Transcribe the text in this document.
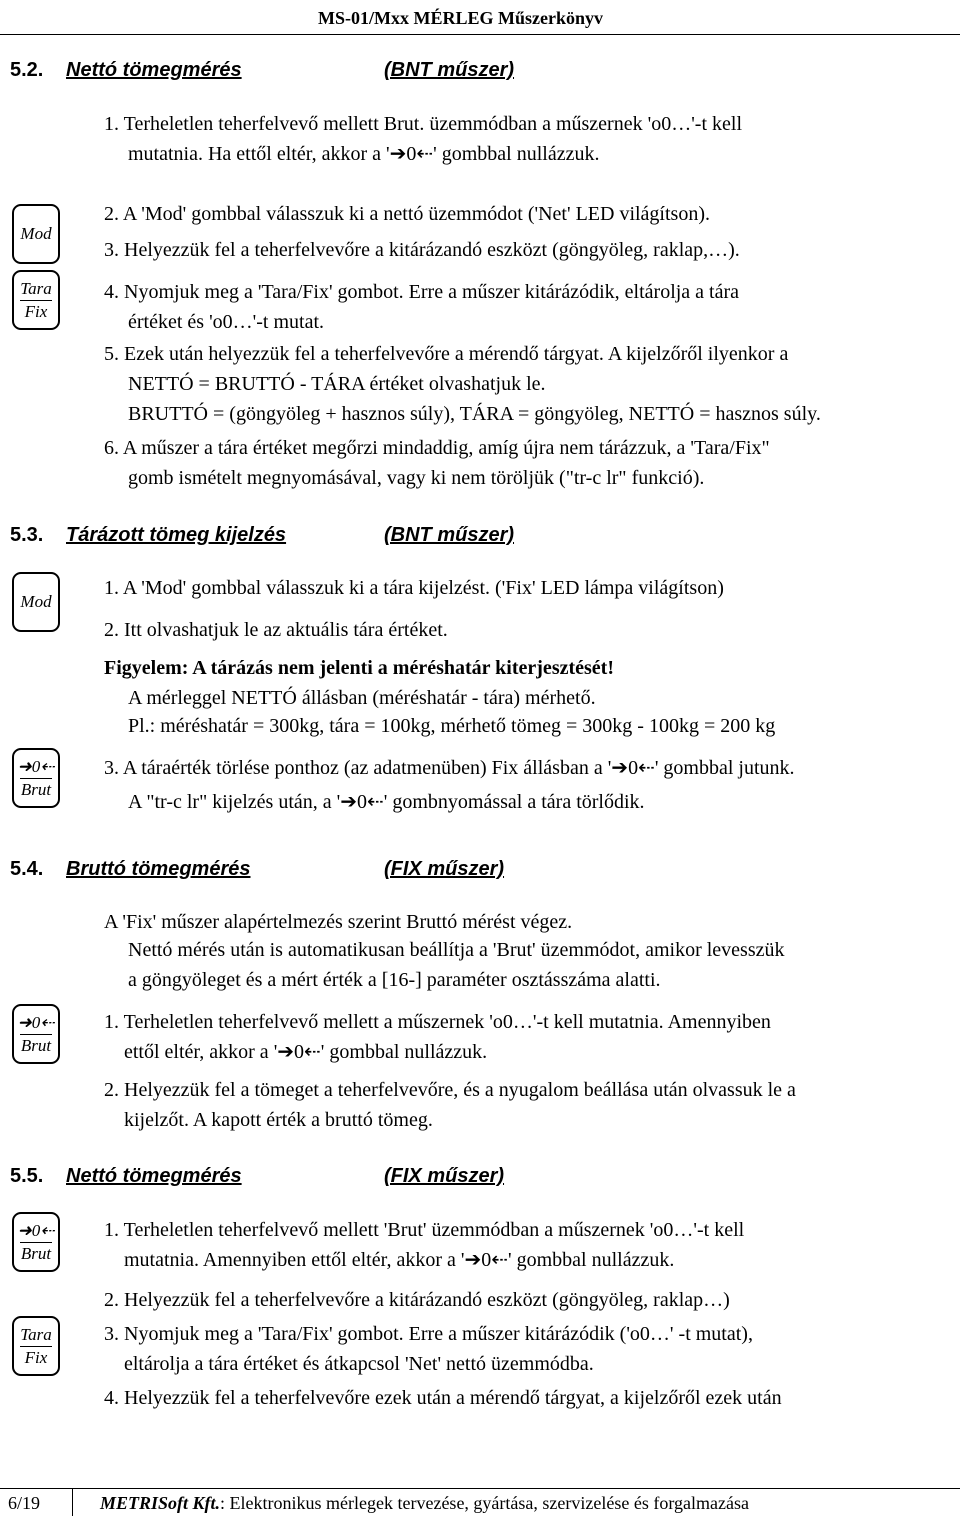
MS-01/Mxx MÉRLEG Műszerkönyv
5.2. Nettó tömegmérés	(BNT műszer)
1. Terheletlen teherfelvevő mellett Brut. üzemmódban a műszernek 'o0…'-t kell
mutatnia. Ha ettől eltér, akkor a '➔0⇠' gombbal nullázzuk.
Mod
Tara
Fix
2. A 'Mod' gombbal válasszuk ki a nettó üzemmódot ('Net' LED világítson).
3. Helyezzük fel a teherfelvevőre a kitárázandó eszközt (göngyöleg, raklap,…).
4. Nyomjuk meg a 'Tara/Fix' gombot. Erre a műszer kitárázódik, eltárolja a tára
értéket és 'o0…'-t mutat.
5. Ezek után helyezzük fel a teherfelvevőre a mérendő tárgyat. A kijelzőről ilyenkor a
NETTÓ = BRUTTÓ - TÁRA értéket olvashatjuk le.
BRUTTÓ = (göngyöleg + hasznos súly), TÁRA = göngyöleg, NETTÓ = hasznos súly.
6. A műszer a tára értéket megőrzi mindaddig, amíg újra nem tárázzuk, a 'Tara/Fix"
gomb ismételt megnyomásával, vagy ki nem töröljük ("tr-c lr" funkció).
5.3. Tárázott tömeg kijelzés	(BNT műszer)
Mod
1. A 'Mod' gombbal válasszuk ki a tára kijelzést. ('Fix' LED lámpa világítson)
2. Itt olvashatjuk le az aktuális tára értéket.
Figyelem: A tárázás nem jelenti a méréshatár kiterjesztését!
A mérleggel NETTÓ állásban (méréshatár - tára) mérhető.
Pl.: méréshatár = 300kg, tára = 100kg, mérhető tömeg = 300kg - 100kg = 200 kg
➜0⇠
Brut
3. A táraérték törlése ponthoz (az adatmenüben) Fix állásban a '➔0⇠' gombbal jutunk.
A "tr-c lr" kijelzés után, a '➔0⇠' gombnyomással a tára törlődik.
5.4. Bruttó tömegmérés	(FIX műszer)
A 'Fix' műszer alapértelmezés szerint Bruttó mérést végez.
Nettó mérés után is automatikusan beállítja a 'Brut' üzemmódot, amikor levesszük
a göngyöleget és a mért érték a [16-] paraméter osztásszáma alatti.
➜0⇠
Brut
1. Terheletlen teherfelvevő mellett a műszernek 'o0…'-t kell mutatnia. Amennyiben
ettől eltér, akkor a '➔0⇠' gombbal nullázzuk.
2. Helyezzük fel a tömeget a teherfelvevőre, és a nyugalom beállása után olvassuk le a
kijelzőt. A kapott érték a bruttó tömeg.
5.5. Nettó tömegmérés	(FIX műszer)
➜0⇠
Brut
1. Terheletlen teherfelvevő mellett 'Brut' üzemmódban a műszernek 'o0…'-t kell
mutatnia. Amennyiben ettől eltér, akkor a '➔0⇠' gombbal nullázzuk.
2. Helyezzük fel a teherfelvevőre a kitárázandó eszközt (göngyöleg, raklap…)
Tara
Fix
3. Nyomjuk meg a 'Tara/Fix' gombot. Erre a műszer kitárázódik ('o0…' -t mutat),
eltárolja a tára értéket és átkapcsol 'Net' nettó üzemmódba.
4. Helyezzük fel a teherfelvevőre ezek után a mérendő tárgyat, a kijelzőről ezek után
6/19	METRISoft Kft.: Elektronikus mérlegek tervezése, gyártása, szervizelése és forgalmazása
